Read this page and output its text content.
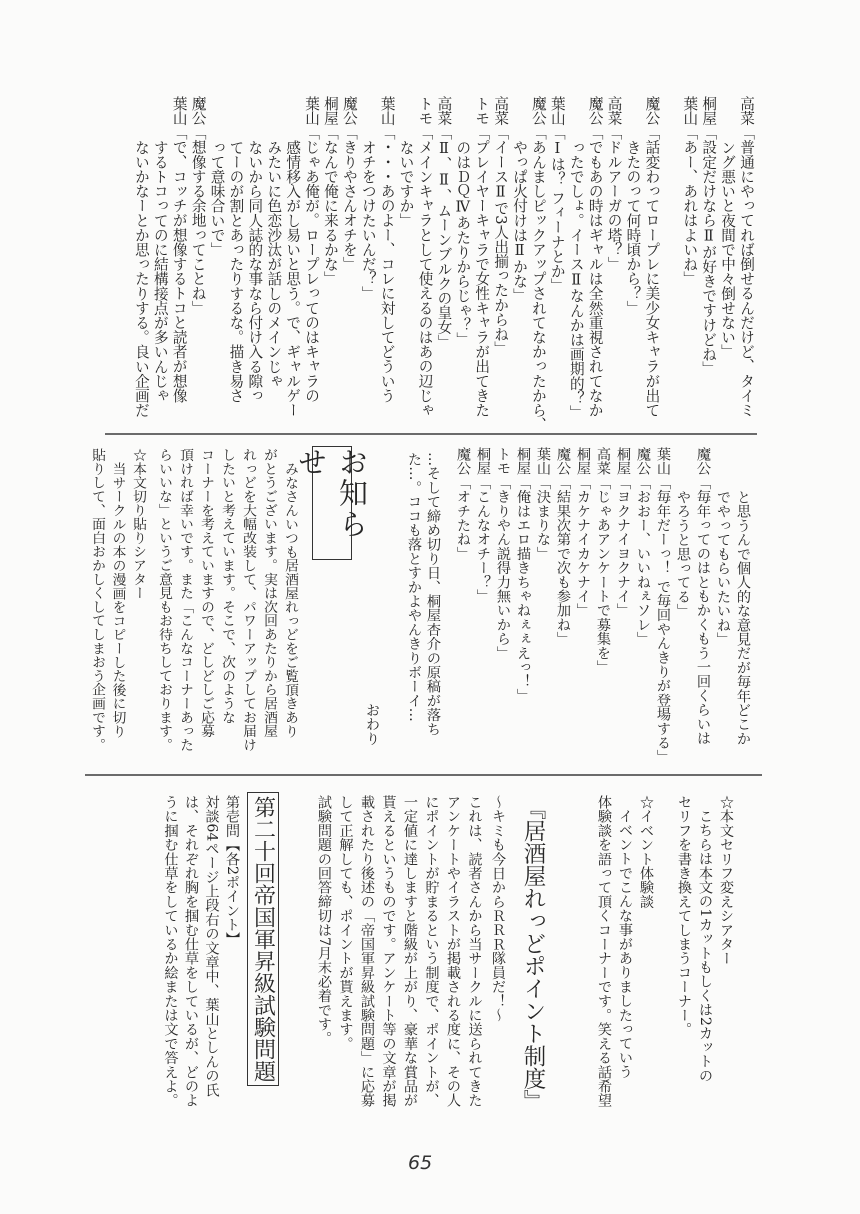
高菜「普通にやってれば倒せるんだけど、タイミ
ング悪いと夜間で中々倒せない」
桐屋「設定だけならⅡが好きですけどね」
葉山「あー、あれはよいね」
魔公「話変わってロープレに美少女キャラが出て
きたのって何時頃から？」
高菜「ドルアーガの塔？」
魔公「でもあの時はギャルは全然重視されてなか
ったでしょ。イースⅡなんかは画期的？」
葉山「Ⅰは？ フィーナとか」
魔公「あんましピックアップされてなかったから、
やっぱ火付けはⅡかな」
高菜「イースⅡで3人出揃ったからね」
トモ「プレイヤーキャラで女性キャラが出てきた
のはＤＱⅣあたりからじゃ？」
高菜「Ⅱ、Ⅱ、ムーンブルクの皇女」
トモ「メインキャラとして使えるのはあの辺じゃ
ないですか」
葉山「・・・あのよー、コレに対してどういう
オチをつけたいんだ？」
魔公「きりやさんオチを」
桐屋「なんで俺に来るかな」
葉山「じゃあ俺が。ロープレってのはキャラの
感情移入がし易いと思う。で、ギャルゲー
みたいに色恋沙汰が話しのメインじゃ
ないから同人誌的な事なら付け入る隙っ
てーのが割とあったりするな。描き易さ
って意味合いで」
魔公「想像する余地ってことね」
葉山「で、コッチが想像するトコと読者が想像
するトコってのに結構接点が多いんじゃ
ないかなーとか思ったりする。良い企画だ
と思うんで個人的な意見だが毎年どこか
でやってもらいたいね」
魔公「毎年ってのはともかくもう一回くらいは
やろうと思ってる」
葉山「毎年だーっ！ で毎回やんきりが登場する」
魔公「おおー、いいねぇソレ」
桐屋「ヨクナイヨクナイ」
高菜「じゃあアンケートで募集を」
桐屋「カケナイカケナイ」
魔公「結果次第で次も参加ね」
葉山「決まりな」
桐屋「俺はエロ描きちゃねぇぇえっ！」
トモ「きりやん説得力無いから」
桐屋「こんなオチー？」
魔公「オチたね」
…そして締め切り日、桐屋杏介の原稿が落ち
た…。ココも落とすかよやんきりボーイ…
おわり
お知らせ
みなさんいつも居酒屋れっどをご覧頂きあり
がとうございます。実は次回あたりから居酒屋
れっどを大幅改装して、パワーアップしてお届け
したいと考えています。そこで、次のような
コーナーを考えていますので、どしどしご応募
頂ければ幸いです。また「こんなコーナーあった
らいいな」というご意見もお待ちしております。
☆本文切り貼りシアター
当サークルの本の漫画をコピーした後に切り
貼りして、面白おかしくしてしまおう企画です。
☆本文セリフ変えシアター
こちらは本文の1カットもしくは2カットの
セリフを書き換えてしまうコーナー。
☆イベント体験談
イベントでこんな事がありましたっていう
体験談を語って頂くコーナーです。笑える話希望
『居酒屋れっどポイント制度』
～キミも今日からＲＲＲ隊員だ！～
これは、読者さんから当サークルに送られてきた
アンケートやイラストが掲載される度に、その人
にポイントが貯まるという制度で、ポイントが、
一定値に達しますと階級が上がり、豪華な賞品が
貰えるというものです。アンケート等の文章が掲
載されたり後述の「帝国軍昇級試験問題」に応募
して正解しても、ポイントが貰えます。
試験問題の回答締切は7月末必着です。
第二十回帝国軍昇級試験問題
第壱問【各2ポイント】
対談64ページ上段右の文章中、葉山としんの氏
は、それぞれ胸を掴む仕草をしているが、どのよ
うに掴む仕草をしているか絵または文で答えよ。
65
